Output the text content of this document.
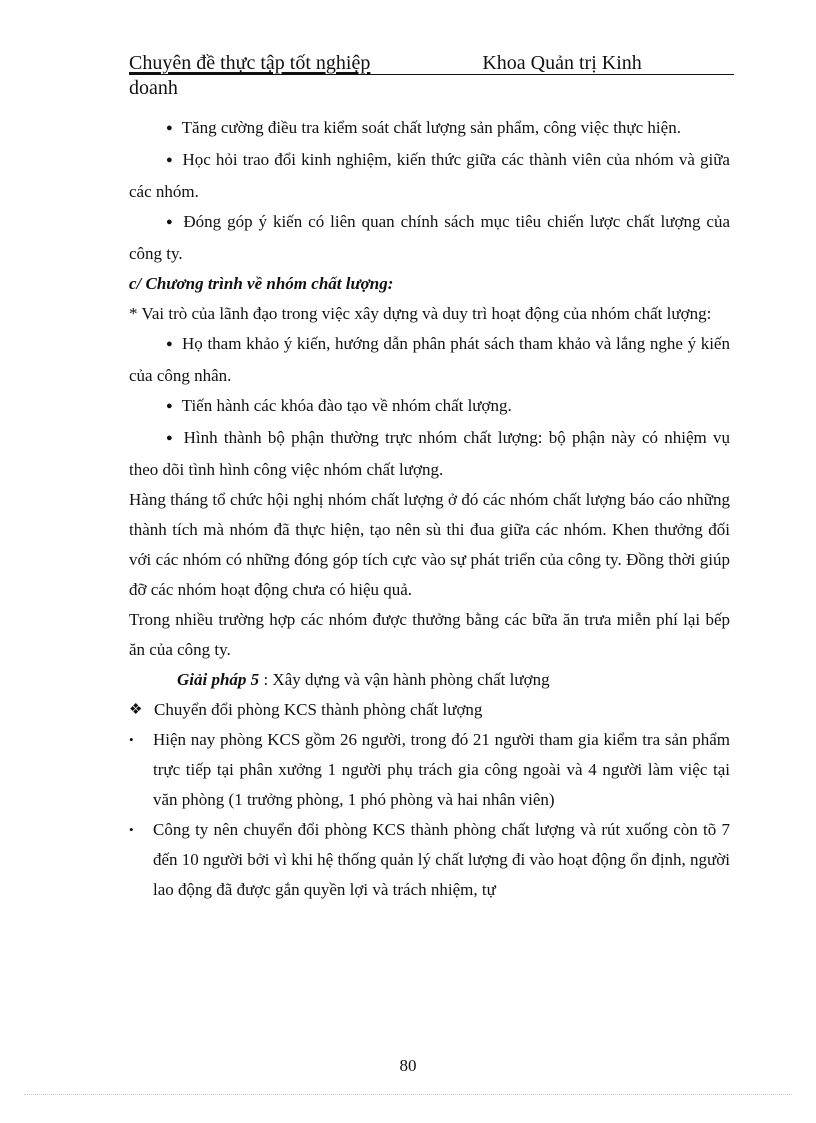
Chuyên đề thực tập tốt nghiệp	Khoa Quản trị Kinh
doanh

● Tăng cường điều tra kiểm soát chất lượng sản phẩm, công việc thực hiện.

● Học hỏi trao đổi kinh nghiệm, kiến thức giữa các thành viên của nhóm và giữa các nhóm.

● Đóng góp ý kiến có liên quan chính sách mục tiêu chiến lược chất lượng của công ty.

c/ Chương trình về nhóm chất lượng:

* Vai trò của lãnh đạo trong việc xây dựng và duy trì hoạt động của nhóm chất lượng:

● Họ tham khảo ý kiến, hướng dẫn phân phát sách tham khảo và lắng nghe ý kiến của công nhân.

● Tiến hành các khóa đào tạo về nhóm chất lượng.

● Hình thành bộ phận thường trực nhóm chất lượng: bộ phận này có nhiệm vụ theo dõi tình hình công việc nhóm chất lượng.

Hàng tháng tổ chức hội nghị nhóm chất lượng ở đó các nhóm chất lượng báo cáo những thành tích mà nhóm đã thực hiện, tạo nên sù thi đua giữa các nhóm. Khen thưởng đối với các nhóm có những đóng góp tích cực vào sự phát triển của công ty. Đồng thời giúp đỡ các nhóm hoạt động chưa có hiệu quả.

Trong nhiều trường hợp các nhóm được thưởng bằng các bữa ăn trưa miễn phí lại bếp ăn của công ty.

Giải pháp 5 : Xây dựng và vận hành phòng chất lượng

❖ Chuyển đổi phòng KCS thành phòng chất lượng
•	Hiện nay phòng KCS gồm 26 người, trong đó 21 người tham gia kiểm tra sản phẩm trực tiếp tại phân xưởng 1 người phụ trách gia công ngoài và 4 người làm việc tại văn phòng (1 trưởng phòng, 1 phó phòng và hai nhân viên)
•	Công ty nên chuyển đổi phòng KCS thành phòng chất lượng và rút xuống còn tõ 7 đến 10 người bởi vì khi hệ thống quản lý chất lượng đi vào hoạt động ổn định, người lao động đã được gắn quyền lợi và trách nhiệm, tự
80
